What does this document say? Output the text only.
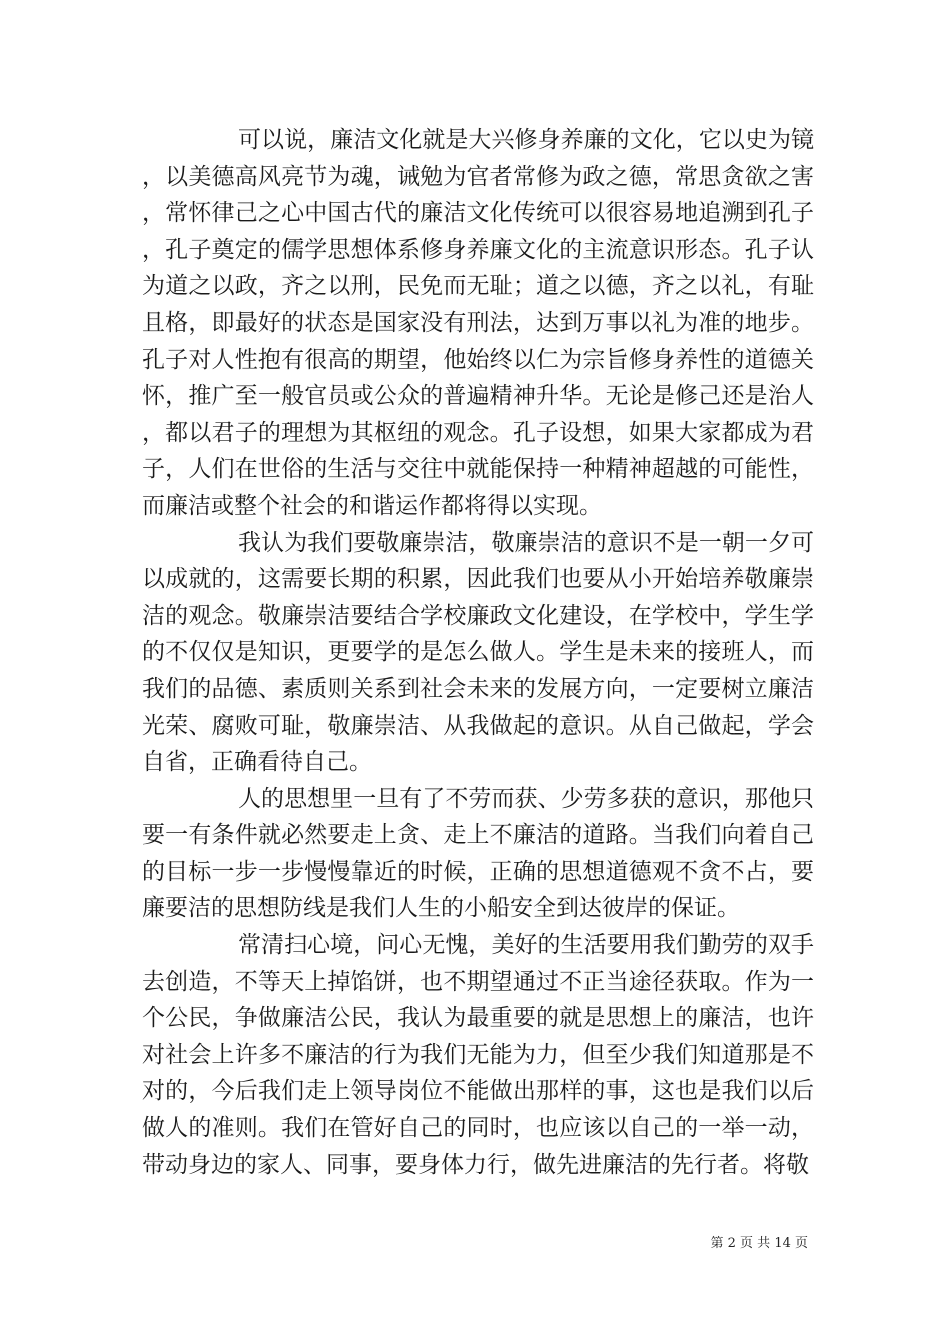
可以说，廉洁文化就是大兴修身养廉的文化，它以史为镜，以美德高风亮节为魂，诫勉为官者常修为政之德，常思贪欲之害，常怀律己之心中国古代的廉洁文化传统可以很容易地追溯到孔子，孔子奠定的儒学思想体系修身养廉文化的主流意识形态。孔子认为道之以政，齐之以刑，民免而无耻；道之以德，齐之以礼，有耻且格，即最好的状态是国家没有刑法，达到万事以礼为准的地步。孔子对人性抱有很高的期望，他始终以仁为宗旨修身养性的道德关怀，推广至一般官员或公众的普遍精神升华。无论是修己还是治人，都以君子的理想为其枢纽的观念。孔子设想，如果大家都成为君子，人们在世俗的生活与交往中就能保持一种精神超越的可能性，而廉洁或整个社会的和谐运作都将得以实现。

我认为我们要敬廉崇洁，敬廉崇洁的意识不是一朝一夕可以成就的，这需要长期的积累，因此我们也要从小开始培养敬廉崇洁的观念。敬廉崇洁要结合学校廉政文化建设，在学校中，学生学的不仅仅是知识，更要学的是怎么做人。学生是未来的接班人，而我们的品德、素质则关系到社会未来的发展方向，一定要树立廉洁光荣、腐败可耻，敬廉崇洁、从我做起的意识。从自己做起，学会自省，正确看待自己。

人的思想里一旦有了不劳而获、少劳多获的意识，那他只要一有条件就必然要走上贪、走上不廉洁的道路。当我们向着自己的目标一步一步慢慢靠近的时候，正确的思想道德观不贪不占，要廉要洁的思想防线是我们人生的小船安全到达彼岸的保证。

常清扫心境，问心无愧，美好的生活要用我们勤劳的双手去创造，不等天上掉馅饼，也不期望通过不正当途径获取。作为一个公民，争做廉洁公民，我认为最重要的就是思想上的廉洁，也许对社会上许多不廉洁的行为我们无能为力，但至少我们知道那是不对的，今后我们走上领导岗位不能做出那样的事，这也是我们以后做人的准则。我们在管好自己的同时，也应该以自己的一举一动，带动身边的家人、同事，要身体力行，做先进廉洁的先行者。将敬

第 2 页 共 14 页
